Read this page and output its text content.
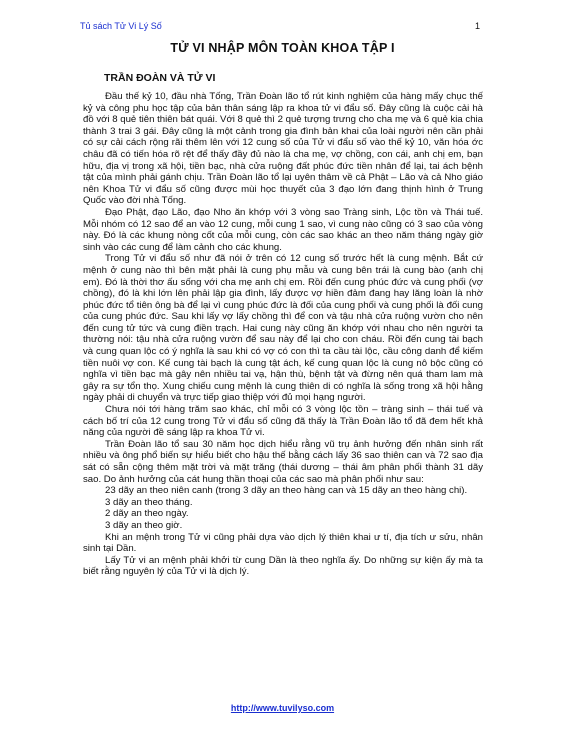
Tủ sách Tử Vi Lý Số	1
TỬ VI NHẬP MÔN TOÀN KHOA TẬP I
TRẦN ĐOÀN VÀ TỬ VI

Đầu thế kỷ 10, đầu nhà Tống, Trần Đoàn lão tổ rút kinh nghiệm của hàng mấy chục thế kỷ và công phu học tập của bản thân sáng lập ra khoa tử vi đẩu số. Đây cũng là cuộc cải hà đồ với 8 quẻ tiên thiên bát quái. Với 8 quẻ thì 2 quẻ tượng trưng cho cha mẹ và 6 quẻ kia chia thành 3 trai 3 gái. Đây cũng là một cảnh trong gia đình bản khai của loài người nên cần phải có sự cải cách rộng rãi thêm lên với 12 cung số của Tử vi đẩu số vào thế kỷ 10, văn hóa ớc châu đã có tiến hóa rõ rệt để thấy đầy đủ nào là cha mẹ, vợ chồng, con cái, anh chị em, bạn hữu, địa vị trong xã hội, tiền bạc, nhà cửa ruộng đất phúc đức tiền nhân để lại, tai ách bệnh tật của mình phải gánh chịu. Trần Đoàn lão tổ lại uyên thâm về cả Phật – Lão và cả Nho giáo nên Khoa Tử vi đẩu số cũng được mùi học thuyết của 3 đạo lớn đang thịnh hình ở Trung Quốc vào đời nhà Tống.

Đạo Phật, đạo Lão, đạo Nho ăn khớp với 3 vòng sao Tràng sinh, Lộc tồn và Thái tuế. Mỗi nhóm có 12 sao để an vào 12 cung, mỗi cung 1 sao, vì cung nào cũng có 3 sao của vòng này. Đó là các khung nòng cốt của mỗi cung, còn các sao khác an theo năm tháng ngày giờ sinh vào các cung để làm cảnh cho các khung.

Trong Tử vi đẩu số như đã nói ở trên có 12 cung số trước hết là cung mệnh. Bắt cứ mệnh ở cung nào thì bên mặt phải là cung phụ mẫu và cung bên trái là cung bào (anh chị em). Đó là thời thơ ấu sống với cha mẹ anh chị em. Rồi đến cung phúc đức và cung phối (vợ chồng), đó là khi lớn lên phải lập gia đình, lấy được vợ hiền đảm đang hay lăng loàn là nhờ phúc đức tổ tiên ông bà để lại vì cung phúc đức là đối của cung phối và cung phối là đối cung của cung phúc đức. Sau khi lấy vợ lấy chồng thì để con và tậu nhà cửa ruộng vườn cho nên đến cung tử tức và cung điền trạch. Hai cung này cũng ăn khớp với nhau cho nên người ta thường nói: tậu nhà cửa ruộng vườn để sau này để lại cho con cháu. Rồi đến cung tài bạch và cung quan lộc có ý nghĩa là sau khi có vợ có con thì ta cầu tài lộc, cầu công danh để kiếm tiền nuôi vợ con. Kế cung tài bạch là cung tật ách, kế cung quan lộc là cung nô bộc cũng có nghĩa vì tiền bạc mà gây nên nhiều tai vạ, hận thù, bệnh tật và đừng nên quá tham lam mà gây ra sự tổn thọ. Xung chiếu cung mệnh là cung thiên di có nghĩa là sống trong xã hội hằng ngày phải di chuyển và trực tiếp giao thiệp với đủ mọi hạng người.

Chưa nói tới hàng trăm sao khác, chỉ mỗi có 3 vòng lộc tồn – tràng sinh – thái tuế và cách bố trí của 12 cung trong Tử vi đẩu số cũng đã thấy là Trần Đoàn lão tổ đã đem hết khả năng của người đề sáng lập ra khoa Tử vi.

Trần Đoàn lão tổ sau 30 năm học dịch hiểu rằng vũ trụ ảnh hưởng đến nhân sinh rất nhiều và ông phổ biến sự hiểu biết cho hậu thế bằng cách lấy 36 sao thiên can và 72 sao địa sát có sẵn cộng thêm mặt trời và mặt trăng (thái dương – thái âm phân phối thành 31 dãy sao. Do ảnh hưởng của cát hung thần thoại của các sao mà phân phối như sau:

23 dãy an theo niên canh (trong 3 dãy an theo hàng can và 15 dãy an theo hàng chi).

3 dãy an theo tháng.

2 dãy an theo ngày.

3 dãy an theo giờ.

Khi an mệnh trong Tử vi cũng phải dựa vào dịch lý thiên khai ư tí, địa tích ư sửu, nhân sinh tại Dần.

Lấy Tử vi an mệnh phải khởi từ cung Dần là theo nghĩa ấy. Do những sự kiện ấy mà ta biết rằng nguyên lý của Tử vi là dịch lý.

http://www.tuvilyso.com
